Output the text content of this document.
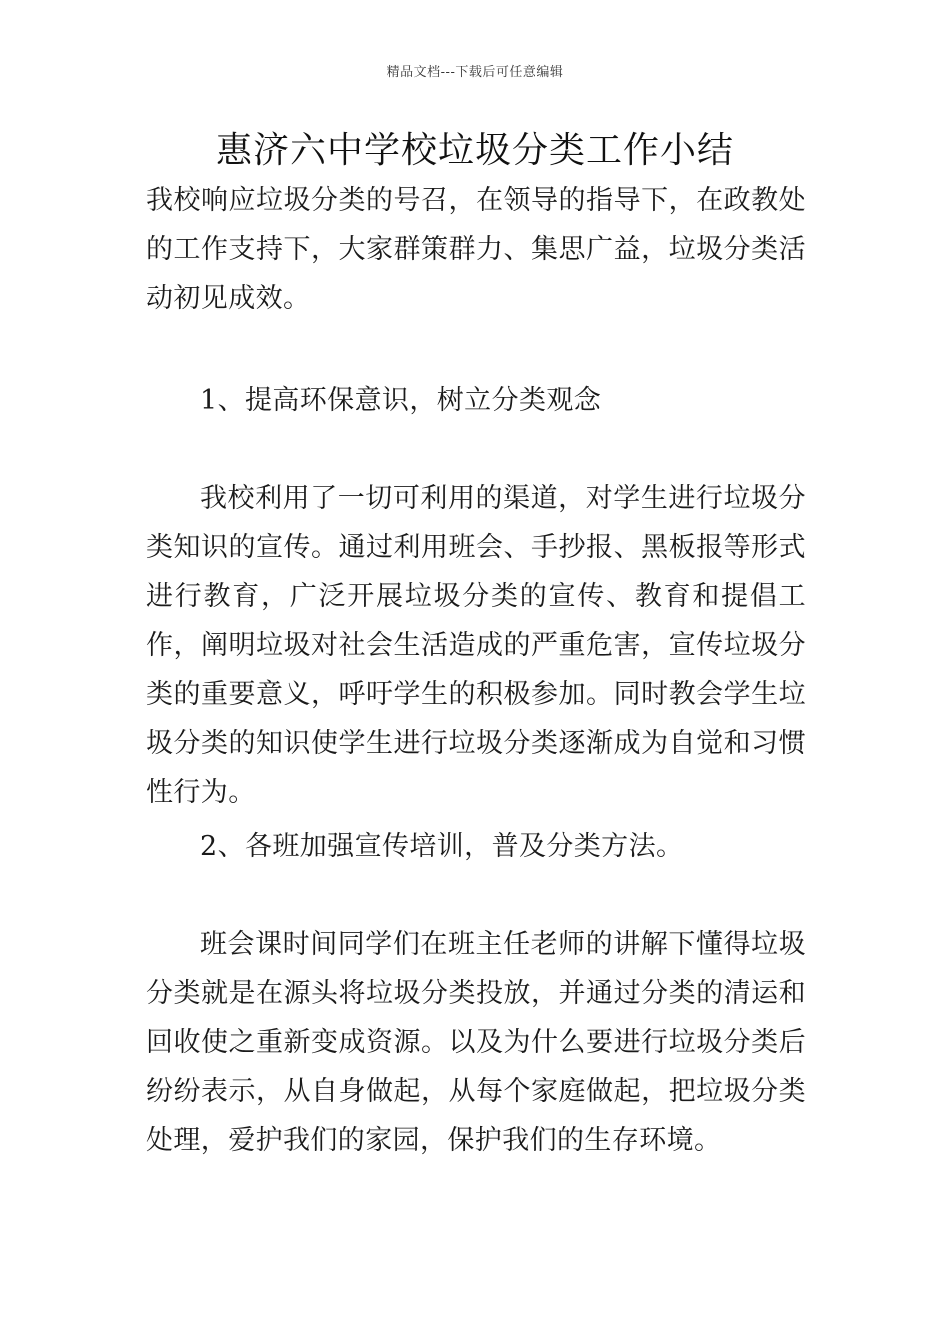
精品文档---下载后可任意编辑
惠济六中学校垃圾分类工作小结

我校响应垃圾分类的号召，在领导的指导下，在政教处的工作支持下，大家群策群力、集思广益，垃圾分类活动初见成效。

1、提高环保意识，树立分类观念

我校利用了一切可利用的渠道，对学生进行垃圾分类知识的宣传。通过利用班会、手抄报、黑板报等形式进行教育，广泛开展垃圾分类的宣传、教育和提倡工作，阐明垃圾对社会生活造成的严重危害，宣传垃圾分类的重要意义，呼吁学生的积极参加。同时教会学生垃圾分类的知识使学生进行垃圾分类逐渐成为自觉和习惯性行为。

2、各班加强宣传培训，普及分类方法。

班会课时间同学们在班主任老师的讲解下懂得垃圾分类就是在源头将垃圾分类投放，并通过分类的清运和回收使之重新变成资源。以及为什么要进行垃圾分类后纷纷表示，从自身做起，从每个家庭做起，把垃圾分类处理，爱护我们的家园，保护我们的生存环境。
